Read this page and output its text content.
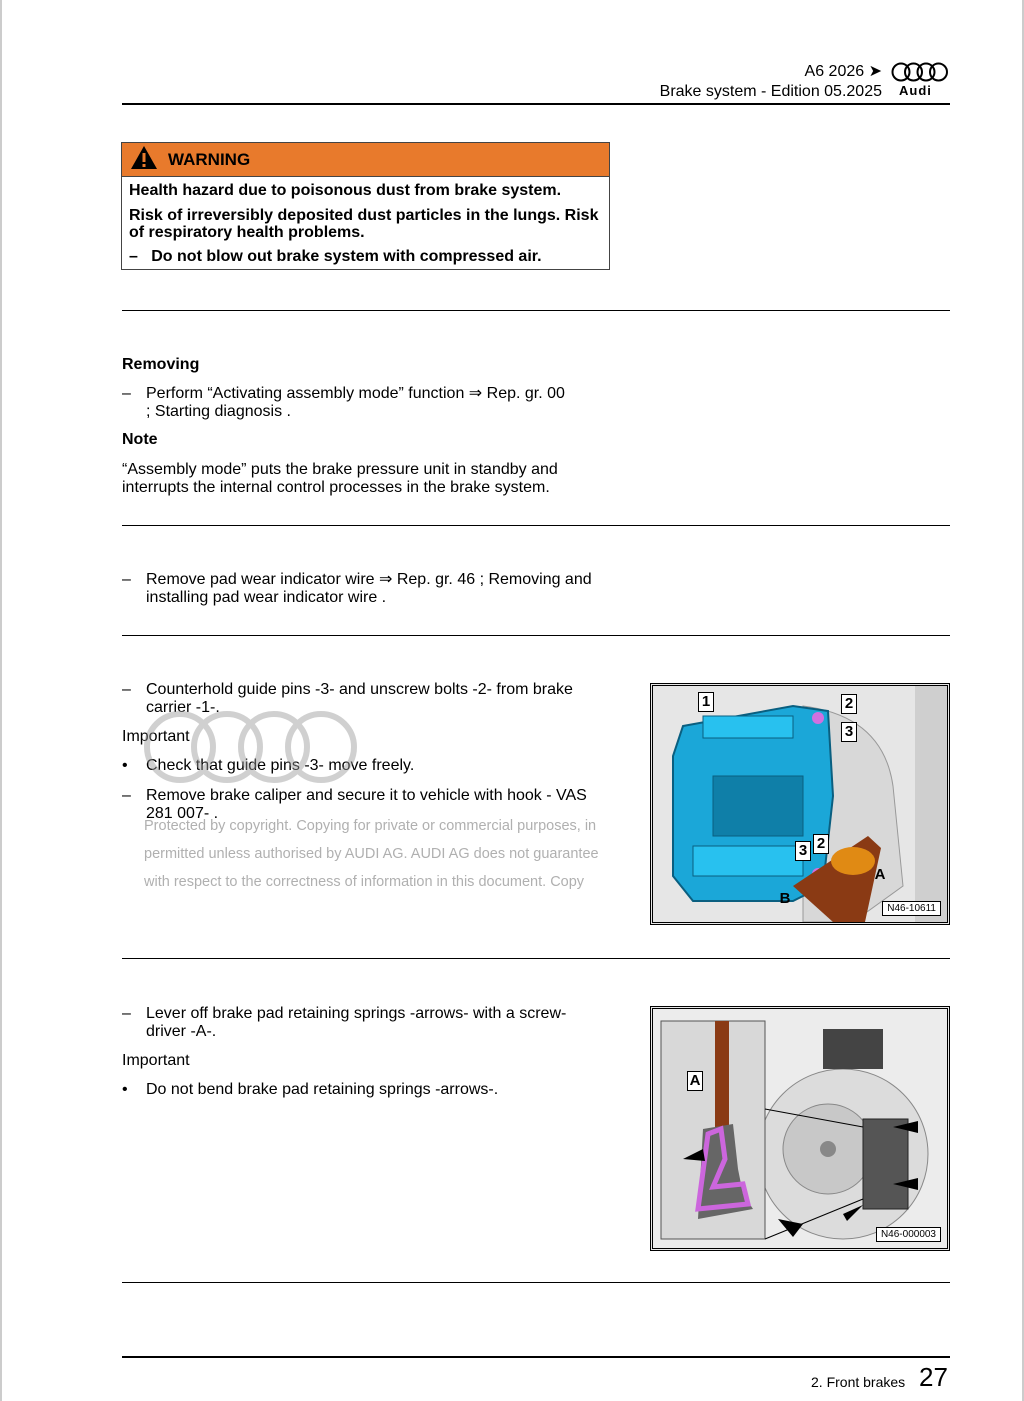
A6 2026 ➤
Brake system - Edition 05.2025 Audi
WARNING
Health hazard due to poisonous dust from brake system.
Risk of irreversibly deposited dust particles in the lungs. Risk of respiratory health problems.
– Do not blow out brake system with compressed air.
Removing
– Perform “Activating assembly mode” function ⇒ Rep. gr. 00 ; Starting diagnosis .
Note
“Assembly mode” puts the brake pressure unit in standby and interrupts the internal control processes in the brake system.
– Remove pad wear indicator wire ⇒ Rep. gr. 46 ; Removing and installing pad wear indicator wire .
– Counterhold guide pins -3- and unscrew bolts -2- from brake carrier -1-.
Important
•	Check that guide pins -3- move freely.
– Remove brake caliper and secure it to vehicle with hook - VAS 281 007- .
Protected by copyright. Copying for private or commercial purposes, in
permitted unless authorised by AUDI AG. AUDI AG does not guarantee
with respect to the correctness of information in this document. Copy
1	2
3
3 2
A
B
N46-10611
– Lever off brake pad retaining springs -arrows- with a screw-driver -A-.
Important
•	Do not bend brake pad retaining springs -arrows-.
A
N46-000003
2. Front brakes 27
